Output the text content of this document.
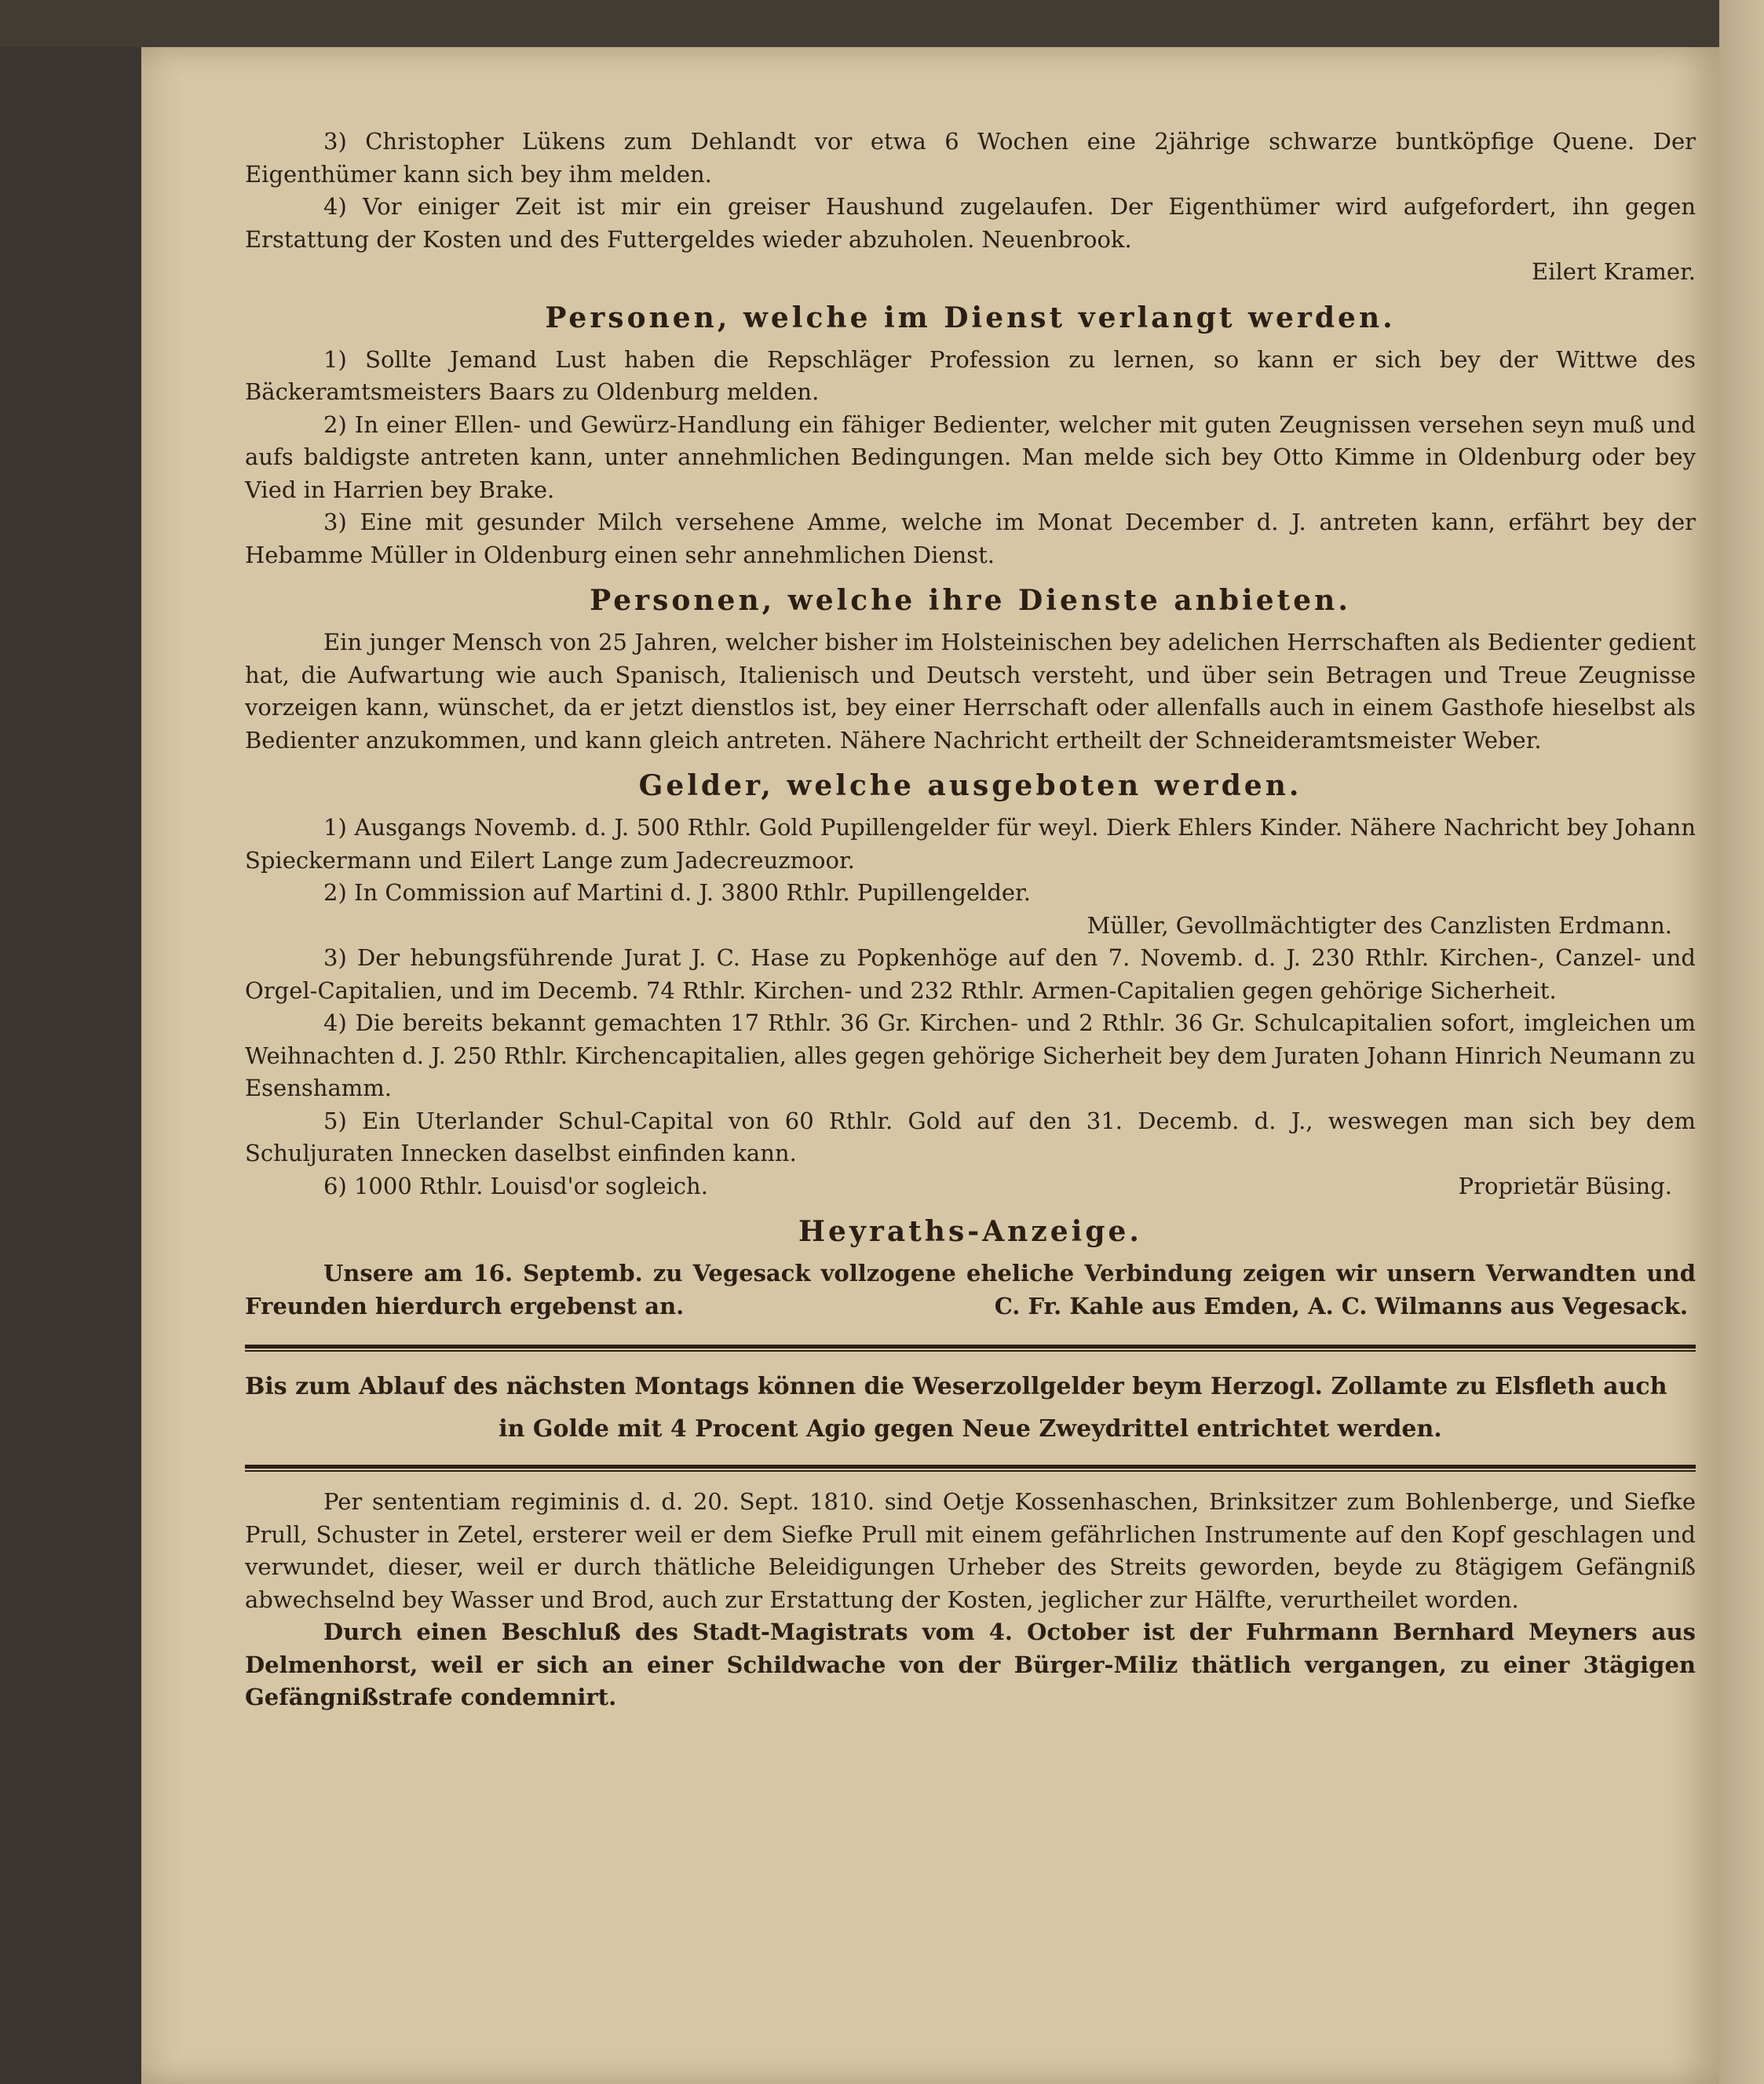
3) Christopher Lükens zum Dehlandt vor etwa 6 Wochen eine 2jährige schwarze buntköpfige Quene. Der Eigenthümer kann sich bey ihm melden.

4) Vor einiger Zeit ist mir ein greiser Haushund zugelaufen. Der Eigenthümer wird aufgefordert, ihn gegen Erstattung der Kosten und des Futtergeldes wieder abzuholen. Neuenbrook.
Eilert Kramer.

Personen, welche im Dienst verlangt werden.

1) Sollte Jemand Lust haben die Repschläger Profession zu lernen, so kann er sich bey der Wittwe des Bäckeramtsmeisters Baars zu Oldenburg melden.

2) In einer Ellen- und Gewürz-Handlung ein fähiger Bedienter, welcher mit guten Zeugnissen versehen seyn muß und aufs baldigste antreten kann, unter annehmlichen Bedingungen. Man melde sich bey Otto Kimme in Oldenburg oder bey Vied in Harrien bey Brake.

3) Eine mit gesunder Milch versehene Amme, welche im Monat December d. J. antreten kann, erfährt bey der Hebamme Müller in Oldenburg einen sehr annehmlichen Dienst.

Personen, welche ihre Dienste anbieten.

Ein junger Mensch von 25 Jahren, welcher bisher im Holsteinischen bey adelichen Herrschaften als Bedienter gedient hat, die Aufwartung wie auch Spanisch, Italienisch und Deutsch versteht, und über sein Betragen und Treue Zeugnisse vorzeigen kann, wünschet, da er jetzt dienstlos ist, bey einer Herrschaft oder allenfalls auch in einem Gasthofe hieselbst als Bedienter anzukommen, und kann gleich antreten. Nähere Nachricht ertheilt der Schneideramtsmeister Weber.

Gelder, welche ausgeboten werden.

1) Ausgangs Novemb. d. J. 500 Rthlr. Gold Pupillengelder für weyl. Dierk Ehlers Kinder. Nähere Nachricht bey Johann Spieckermann und Eilert Lange zum Jadecreuzmoor.

2) In Commission auf Martini d. J. 3800 Rthlr. Pupillengelder.

Müller, Gevollmächtigter des Canzlisten Erdmann.

3) Der hebungsführende Jurat J. C. Hase zu Popkenhöge auf den 7. Novemb. d. J. 230 Rthlr. Kirchen-, Canzel- und Orgel-Capitalien, und im Decemb. 74 Rthlr. Kirchen- und 232 Rthlr. Armen-Capitalien gegen gehörige Sicherheit.

4) Die bereits bekannt gemachten 17 Rthlr. 36 Gr. Kirchen- und 2 Rthlr. 36 Gr. Schulcapitalien sofort, imgleichen um Weihnachten d. J. 250 Rthlr. Kirchencapitalien, alles gegen gehörige Sicherheit bey dem Juraten Johann Hinrich Neumann zu Esenshamm.

5) Ein Uterlander Schul-Capital von 60 Rthlr. Gold auf den 31. Decemb. d. J., weswegen man sich bey dem Schuljuraten Innecken daselbst einfinden kann.

6) 1000 Rthlr. Louisd'or sogleich.	Proprietär Büsing.

Heyraths-Anzeige.

Unsere am 16. Septemb. zu Vegesack vollzogene eheliche Verbindung zeigen wir unsern Verwandten und Freunden hierdurch ergebenst an.	C. Fr. Kahle aus Emden, A. C. Wilmanns aus Vegesack.

Bis zum Ablauf des nächsten Montags können die Weserzollgelder beym Herzogl. Zollamte zu Elsfleth auch
in Golde mit 4 Procent Agio gegen Neue Zweydrittel entrichtet werden.

Per sententiam regiminis d. d. 20. Sept. 1810. sind Oetje Kossenhaschen, Brinksitzer zum Bohlenberge, und Siefke Prull, Schuster in Zetel, ersterer weil er dem Siefke Prull mit einem gefährlichen Instrumente auf den Kopf geschlagen und verwundet, dieser, weil er durch thätliche Beleidigungen Urheber des Streits geworden, beyde zu 8tägigem Gefängniß abwechselnd bey Wasser und Brod, auch zur Erstattung der Kosten, jeglicher zur Hälfte, verurtheilet worden.

Durch einen Beschluß des Stadt-Magistrats vom 4. October ist der Fuhrmann Bernhard Meyners aus Delmenhorst, weil er sich an einer Schildwache von der Bürger-Miliz thätlich vergangen, zu einer 3tägigen Gefängnißstrafe condemnirt.
